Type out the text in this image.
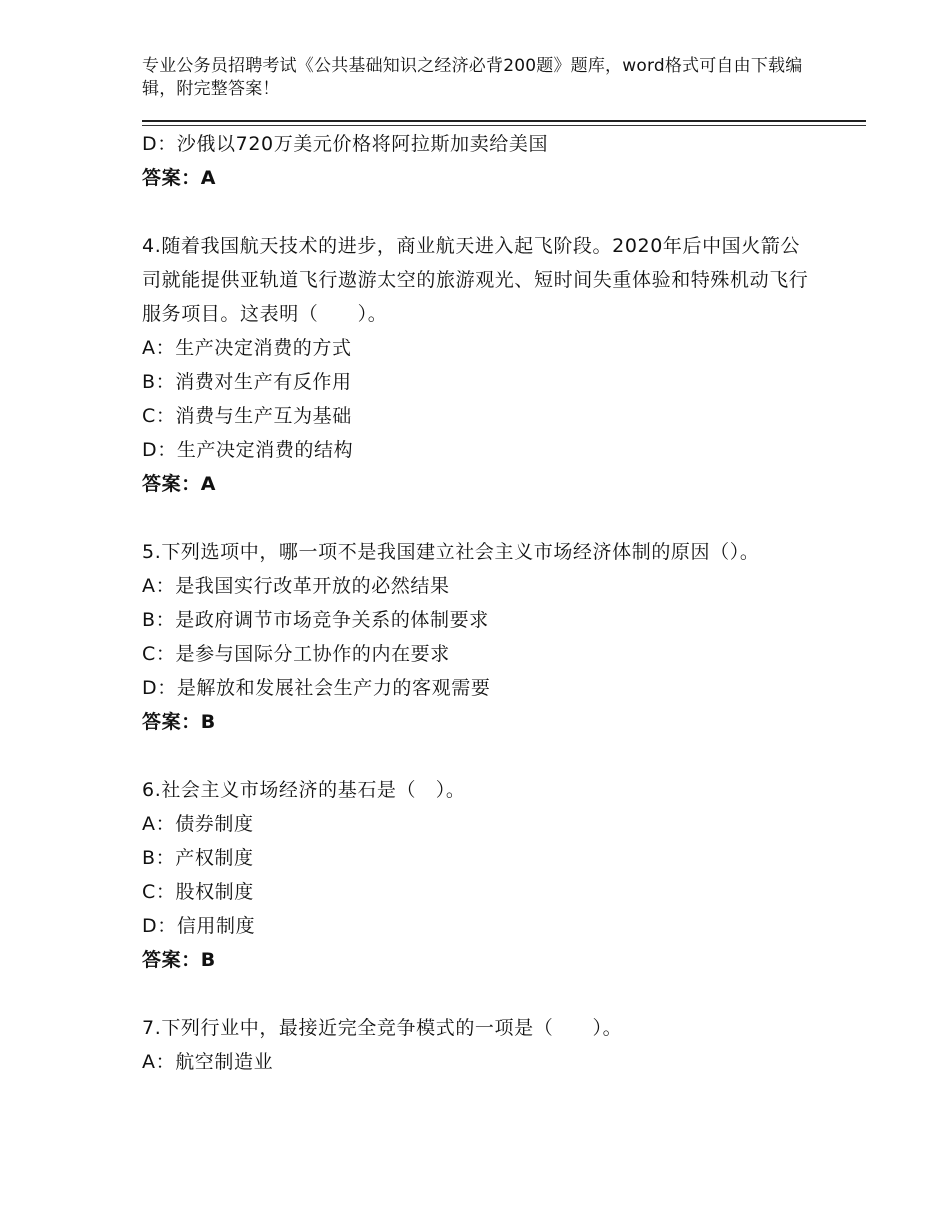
专业公务员招聘考试《公共基础知识之经济必背200题》题库，word格式可自由下载编辑，附完整答案！
D：沙俄以720万美元价格将阿拉斯加卖给美国
答案：A
4.随着我国航天技术的进步，商业航天进入起飞阶段。2020年后中国火箭公司就能提供亚轨道飞行遨游太空的旅游观光、短时间失重体验和特殊机动飞行服务项目。这表明（　　）。
A：生产决定消费的方式
B：消费对生产有反作用
C：消费与生产互为基础
D：生产决定消费的结构
答案：A
5.下列选项中，哪一项不是我国建立社会主义市场经济体制的原因（）。
A：是我国实行改革开放的必然结果
B：是政府调节市场竞争关系的体制要求
C：是参与国际分工协作的内在要求
D：是解放和发展社会生产力的客观需要
答案：B
6.社会主义市场经济的基石是（　）。
A：债券制度
B：产权制度
C：股权制度
D：信用制度
答案：B
7.下列行业中，最接近完全竞争模式的一项是（　　）。
A：航空制造业
